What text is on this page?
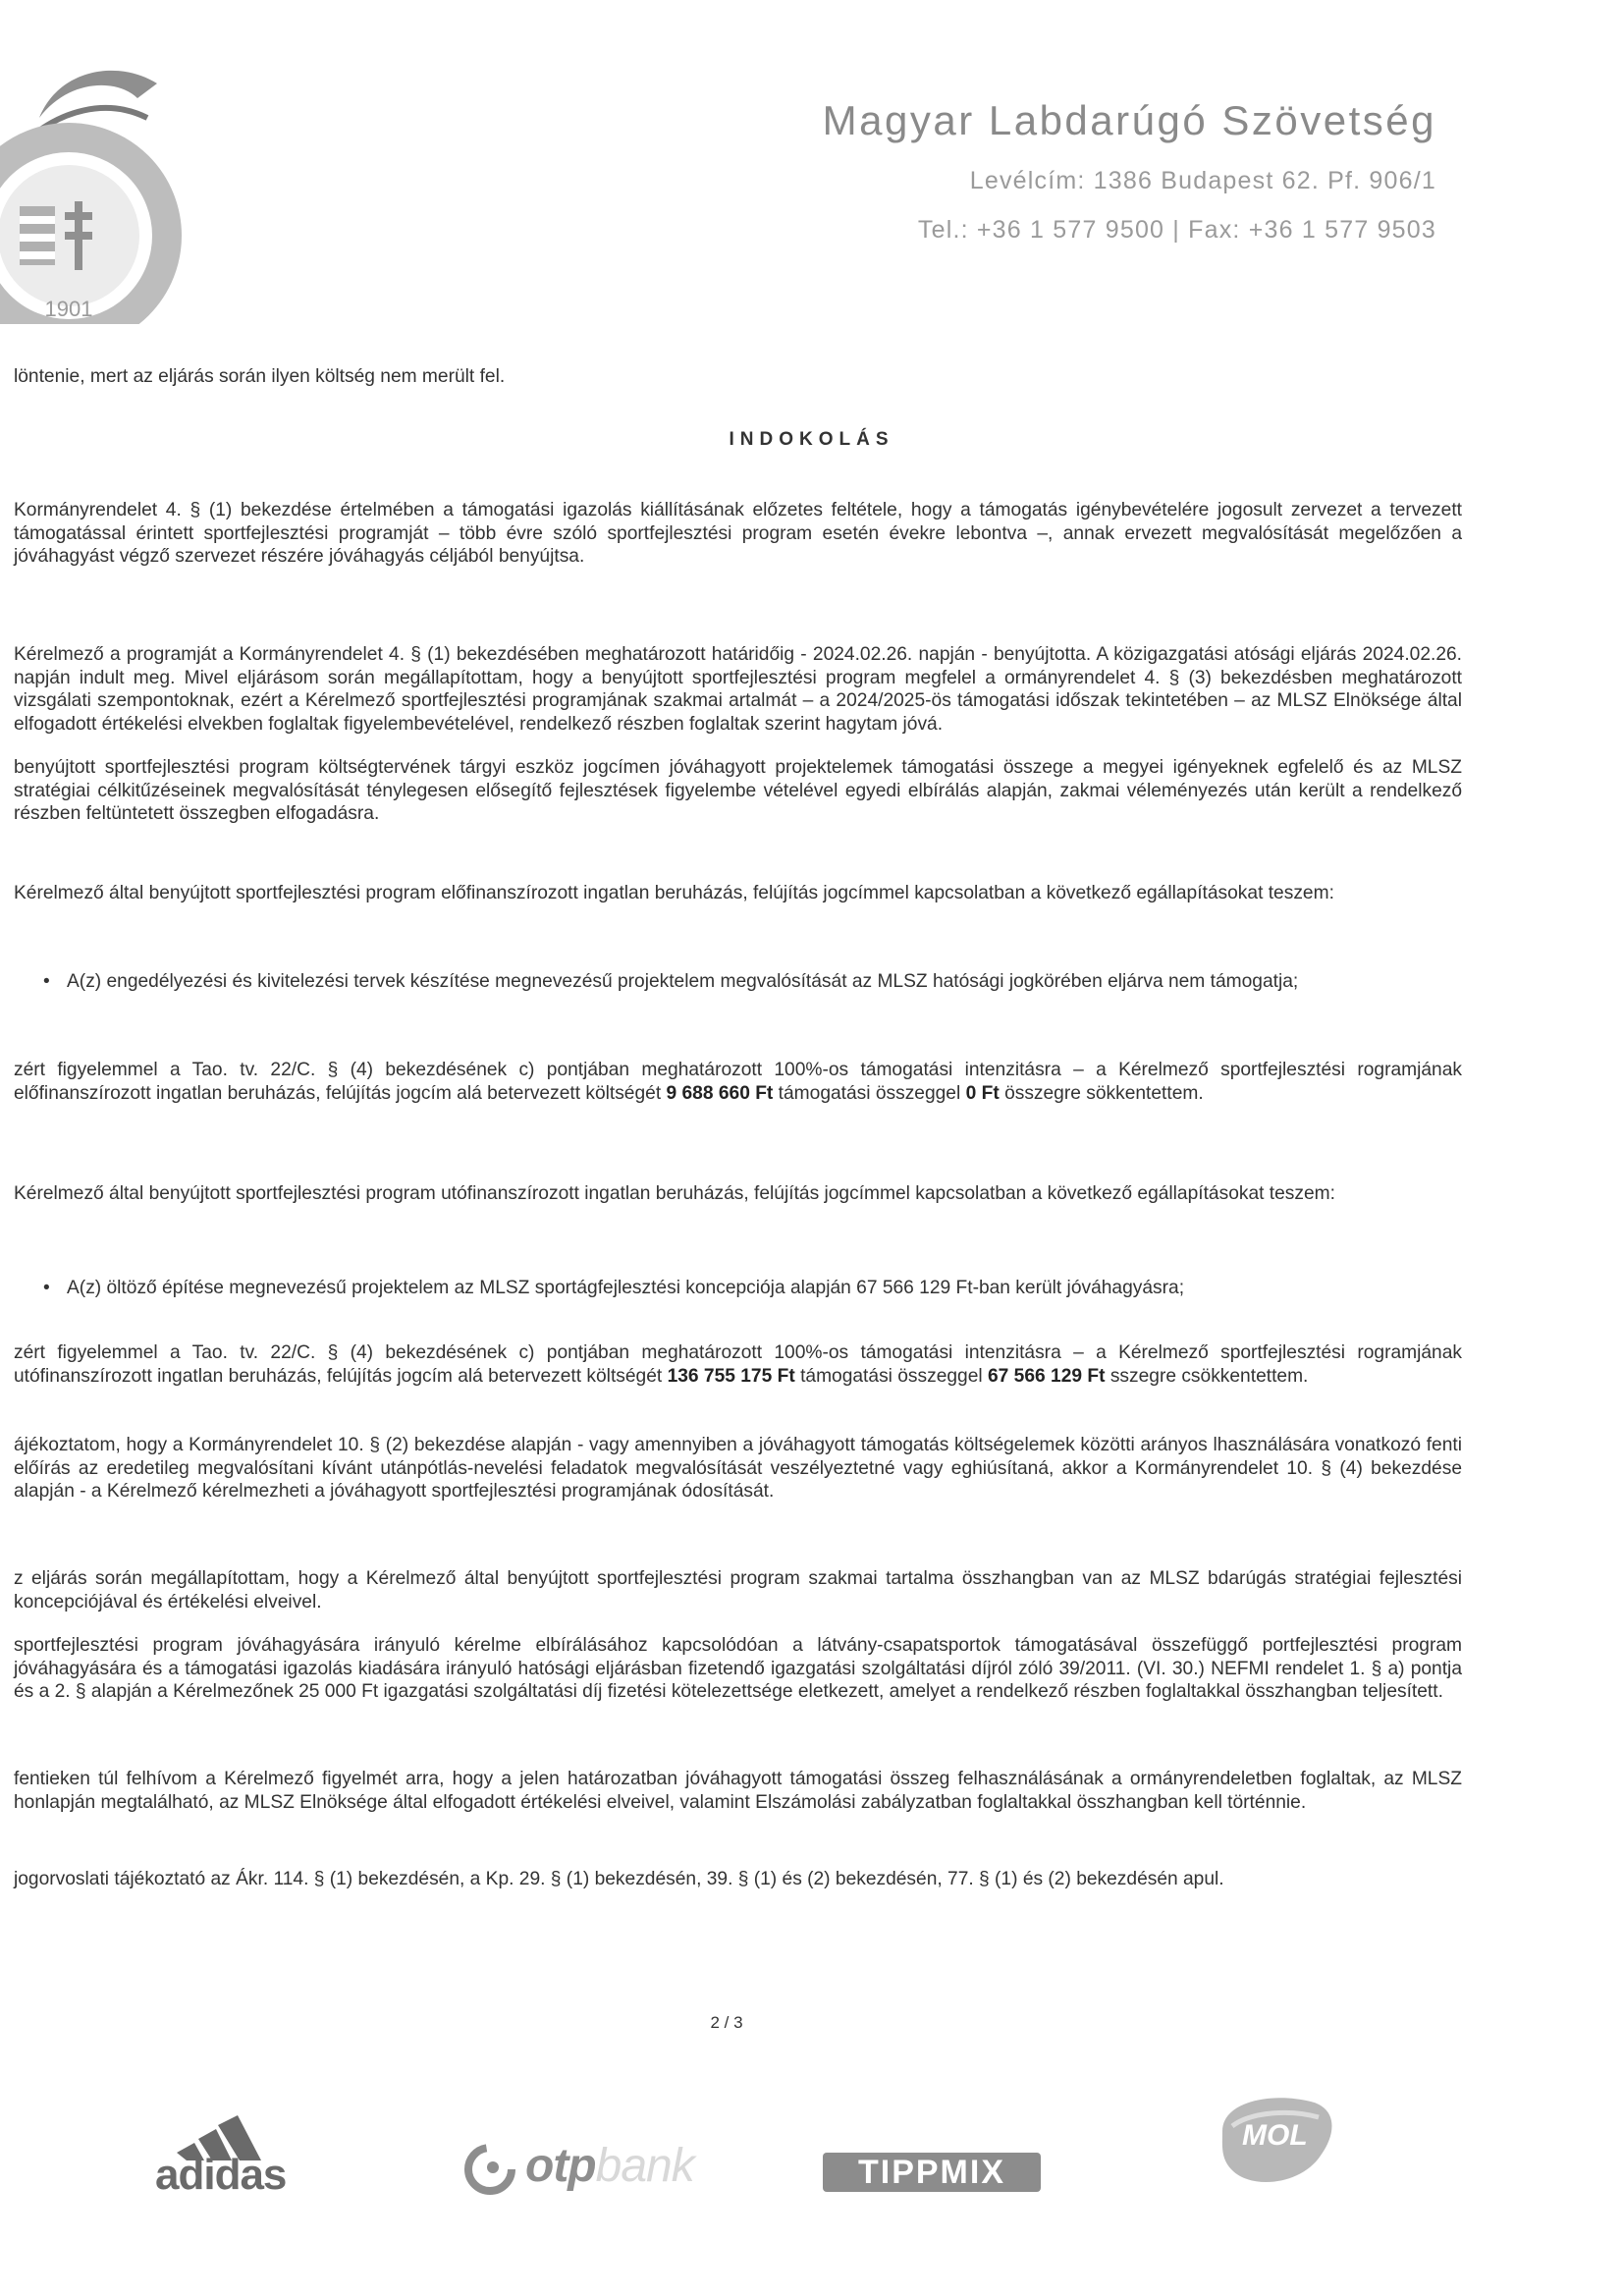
1901
Magyar Labdarúgó Szövetség
Levélcím: 1386 Budapest 62. Pf. 906/1
Tel.: +36 1 577 9500 | Fax: +36 1 577 9503
löntenie, mert az eljárás során ilyen költség nem merült fel.
INDOKOLÁS
Kormányrendelet 4. § (1) bekezdése értelmében a támogatási igazolás kiállításának előzetes feltétele, hogy a támogatás igénybevételére jogosult zervezet a tervezett támogatással érintett sportfejlesztési programját – több évre szóló sportfejlesztési program esetén évekre lebontva –, annak ervezett megvalósítását megelőzően a jóváhagyást végző szervezet részére jóváhagyás céljából benyújtsa.
Kérelmező a programját a Kormányrendelet 4. § (1) bekezdésében meghatározott határidőig - 2024.02.26. napján - benyújtotta. A közigazgatási atósági eljárás 2024.02.26. napján indult meg. Mivel eljárásom során megállapítottam, hogy a benyújtott sportfejlesztési program megfelel a ormányrendelet 4. § (3) bekezdésben meghatározott vizsgálati szempontoknak, ezért a Kérelmező sportfejlesztési programjának szakmai artalmát – a 2024/2025-ös támogatási időszak tekintetében – az MLSZ Elnöksége által elfogadott értékelési elvekben foglaltak figyelembevételével, rendelkező részben foglaltak szerint hagytam jóvá.
benyújtott sportfejlesztési program költségtervének tárgyi eszköz jogcímen jóváhagyott projektelemek támogatási összege a megyei igényeknek egfelelő és az MLSZ stratégiai célkitűzéseinek megvalósítását ténylegesen elősegítő fejlesztések figyelembe vételével egyedi elbírálás alapján, zakmai véleményezés után került a rendelkező részben feltüntetett összegben elfogadásra.
Kérelmező által benyújtott sportfejlesztési program előfinanszírozott ingatlan beruházás, felújítás jogcímmel kapcsolatban a következő egállapításokat teszem:
• A(z) engedélyezési és kivitelezési tervek készítése megnevezésű projektelem megvalósítását az MLSZ hatósági jogkörében eljárva nem támogatja;
zért figyelemmel a Tao. tv. 22/C. § (4) bekezdésének c) pontjában meghatározott 100%-os támogatási intenzitásra – a Kérelmező sportfejlesztési rogramjának előfinanszírozott ingatlan beruházás, felújítás jogcím alá betervezett költségét 9 688 660 Ft támogatási összeggel 0 Ft összegre sökkentettem.
Kérelmező által benyújtott sportfejlesztési program utófinanszírozott ingatlan beruházás, felújítás jogcímmel kapcsolatban a következő egállapításokat teszem:
• A(z) öltöző építése megnevezésű projektelem az MLSZ sportágfejlesztési koncepciója alapján 67 566 129 Ft-ban került jóváhagyásra;
zért figyelemmel a Tao. tv. 22/C. § (4) bekezdésének c) pontjában meghatározott 100%-os támogatási intenzitásra – a Kérelmező sportfejlesztési rogramjának utófinanszírozott ingatlan beruházás, felújítás jogcím alá betervezett költségét 136 755 175 Ft támogatási összeggel 67 566 129 Ft sszegre csökkentettem.
ájékoztatom, hogy a Kormányrendelet 10. § (2) bekezdése alapján - vagy amennyiben a jóváhagyott támogatás költségelemek közötti arányos lhasználására vonatkozó fenti előírás az eredetileg megvalósítani kívánt utánpótlás-nevelési feladatok megvalósítását veszélyeztetné vagy eghiúsítaná, akkor a Kormányrendelet 10. § (4) bekezdése alapján - a Kérelmező kérelmezheti a jóváhagyott sportfejlesztési programjának ódosítását.
z eljárás során megállapítottam, hogy a Kérelmező által benyújtott sportfejlesztési program szakmai tartalma összhangban van az MLSZ bdarúgás stratégiai fejlesztési koncepciójával és értékelési elveivel.
sportfejlesztési program jóváhagyására irányuló kérelme elbírálásához kapcsolódóan a látvány-csapatsportok támogatásával összefüggő portfejlesztési program jóváhagyására és a támogatási igazolás kiadására irányuló hatósági eljárásban fizetendő igazgatási szolgáltatási díjról zóló 39/2011. (VI. 30.) NEFMI rendelet 1. § a) pontja és a 2. § alapján a Kérelmezőnek 25 000 Ft igazgatási szolgáltatási díj fizetési kötelezettsége eletkezett, amelyet a rendelkező részben foglaltakkal összhangban teljesített.
fentieken túl felhívom a Kérelmező figyelmét arra, hogy a jelen határozatban jóváhagyott támogatási összeg felhasználásának a ormányrendeletben foglaltak, az MLSZ honlapján megtalálható, az MLSZ Elnöksége által elfogadott értékelési elveivel, valamint Elszámolási zabályzatban foglaltakkal összhangban kell történnie.
jogorvoslati tájékoztató az Ákr. 114. § (1) bekezdésén, a Kp. 29. § (1) bekezdésén, 39. § (1) és (2) bekezdésén, 77. § (1) és (2) bekezdésén apul.
2 / 3
adidas	otpbank	TIPPMIX
MOL
